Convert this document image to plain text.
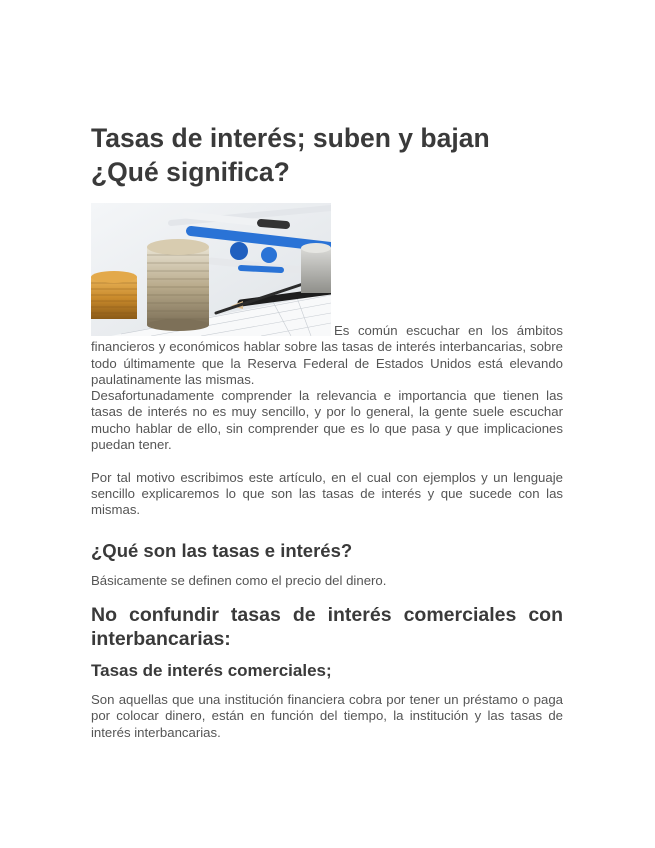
Tasas de interés; suben y bajan
¿Qué significa?

Es común escuchar en los ámbitos financieros y económicos hablar sobre las tasas de interés interbancarias, sobre todo últimamente que la Reserva Federal de Estados Unidos está elevando paulatinamente las mismas.

Desafortunadamente comprender la relevancia e importancia que tienen las tasas de interés no es muy sencillo, y por lo general, la gente suele escuchar mucho hablar de ello, sin comprender que es lo que pasa y que implicaciones puedan tener.

Por tal motivo escribimos este artículo, en el cual con ejemplos y un lenguaje sencillo explicaremos lo que son las tasas de interés y que sucede con las mismas.

¿Qué son las tasas e interés?

Básicamente se definen como el precio del dinero.

No confundir tasas de interés comerciales con interbancarias:
Tasas de interés comerciales;

Son aquellas que una institución financiera cobra por tener un préstamo o paga por colocar dinero, están en función del tiempo, la institución y las tasas de interés interbancarias.
